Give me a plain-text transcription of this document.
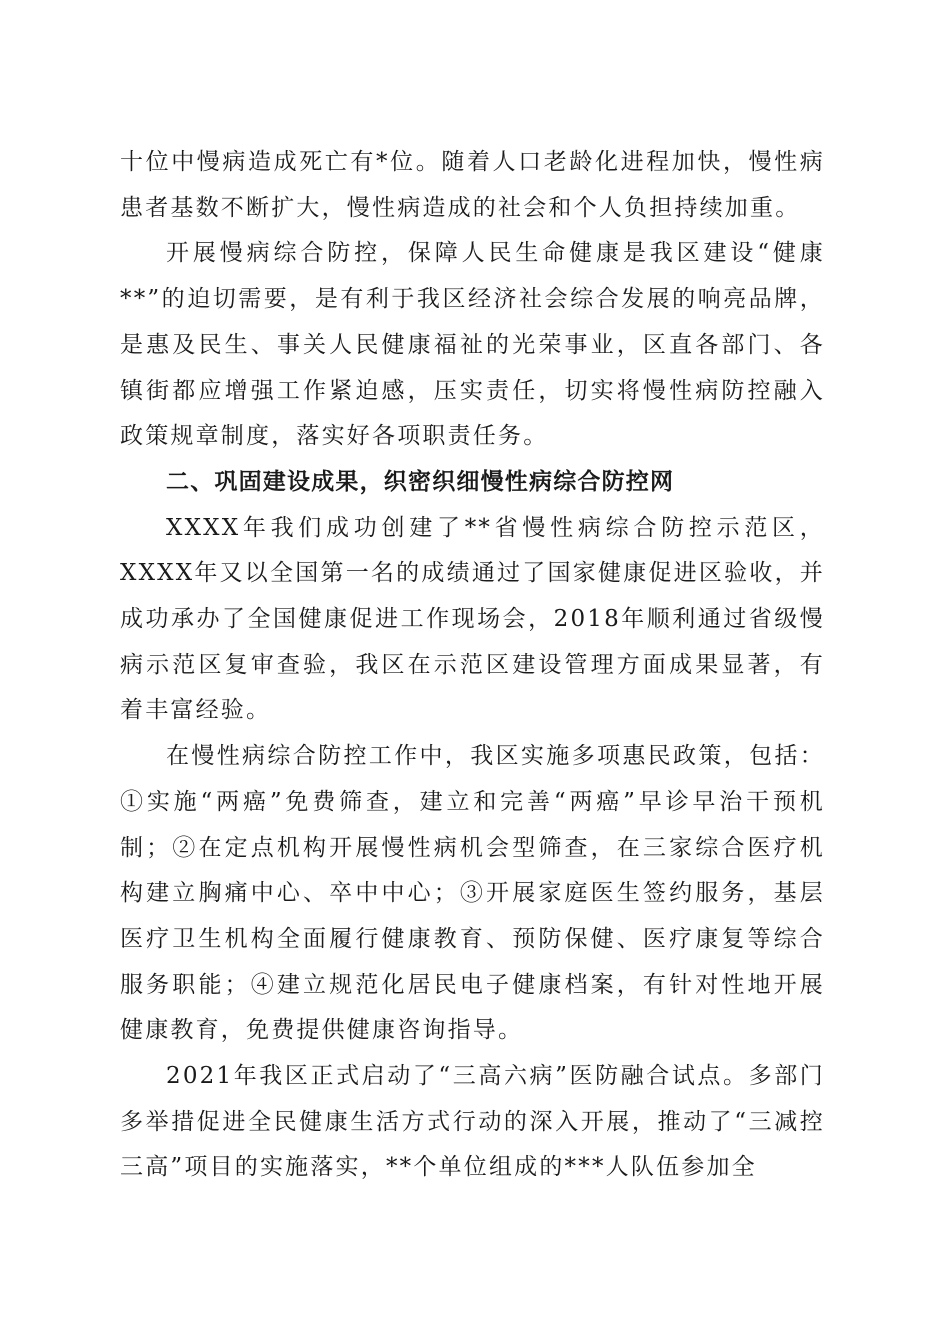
十位中慢病造成死亡有*位。随着人口老龄化进程加快，慢性病患者基数不断扩大，慢性病造成的社会和个人负担持续加重。

开展慢病综合防控，保障人民生命健康是我区建设“健康**”的迫切需要，是有利于我区经济社会综合发展的响亮品牌，是惠及民生、事关人民健康福祉的光荣事业，区直各部门、各镇街都应增强工作紧迫感，压实责任，切实将慢性病防控融入政策规章制度，落实好各项职责任务。

二、巩固建设成果，织密织细慢性病综合防控网

XXXX年我们成功创建了**省慢性病综合防控示范区，XXXX年又以全国第一名的成绩通过了国家健康促进区验收，并成功承办了全国健康促进工作现场会，2018年顺利通过省级慢病示范区复审查验，我区在示范区建设管理方面成果显著，有着丰富经验。

在慢性病综合防控工作中，我区实施多项惠民政策，包括：①实施“两癌”免费筛查，建立和完善“两癌”早诊早治干预机制；②在定点机构开展慢性病机会型筛查，在三家综合医疗机构建立胸痛中心、卒中中心；③开展家庭医生签约服务，基层医疗卫生机构全面履行健康教育、预防保健、医疗康复等综合服务职能；④建立规范化居民电子健康档案，有针对性地开展健康教育，免费提供健康咨询指导。

2021年我区正式启动了“三高六病”医防融合试点。多部门多举措促进全民健康生活方式行动的深入开展，推动了“三减控三高”项目的实施落实，**个单位组成的***人队伍参加全
